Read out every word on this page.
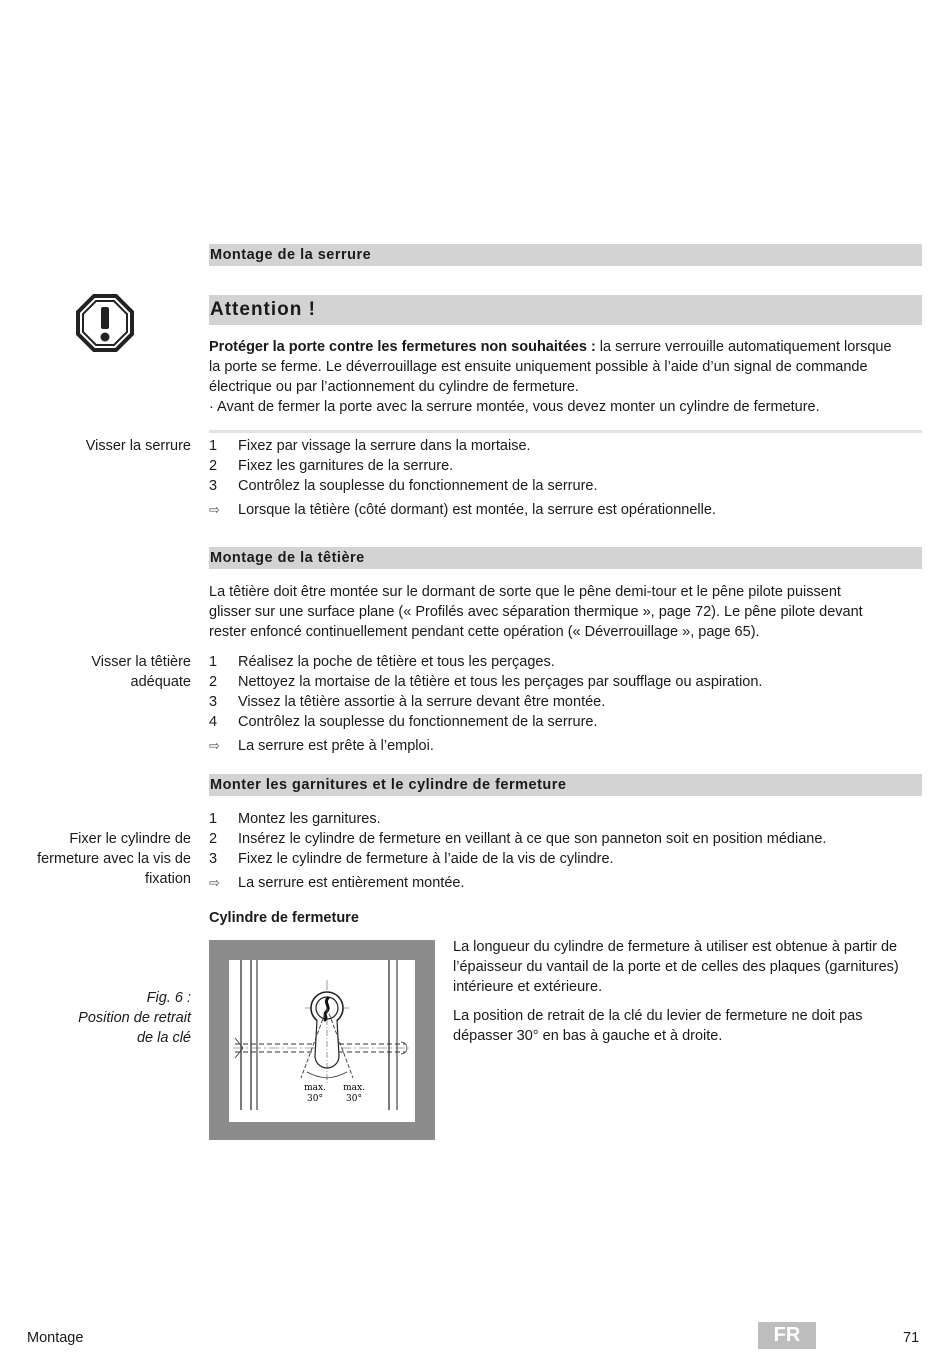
Montage de la serrure
Attention !
Protéger la porte contre les fermetures non souhaitées : la serrure verrouille automatiquement lorsque
la porte se ferme. Le déverrouillage est ensuite uniquement possible à l’aide d’un signal de commande
électrique ou par l’actionnement du cylindre de fermeture.
· Avant de fermer la porte avec la serrure montée, vous devez monter un cylindre de fermeture.
Visser la serrure 1	Fixez par vissage la serrure dans la mortaise.
2	Fixez les garnitures de la serrure.
3	Contrôlez la souplesse du fonctionnement de la serrure.
⇨	Lorsque la têtière (côté dormant) est montée, la serrure est opérationnelle.
Montage de la têtière
La têtière doit être montée sur le dormant de sorte que le pêne demi-tour et le pêne pilote puissent
glisser sur une surface plane (« Profilés avec séparation thermique », page 72). Le pêne pilote devant
rester enfoncé continuellement pendant cette opération (« Déverrouillage », page 65).
Visser la têtière
adéquate
1	Réalisez la poche de têtière et tous les perçages.
2	Nettoyez la mortaise de la têtière et tous les perçages par soufflage ou aspiration.
3	Vissez la têtière assortie à la serrure devant être montée.
4	Contrôlez la souplesse du fonctionnement de la serrure.
⇨	La serrure est prête à l’emploi.
Monter les garnitures et le cylindre de fermeture
Fixer le cylindre de
fermeture avec la vis de
fixation
1	Montez les garnitures.
2	Insérez le cylindre de fermeture en veillant à ce que son panneton soit en position médiane.
3	Fixez le cylindre de fermeture à l’aide de la vis de cylindre.
⇨	La serrure est entièrement montée.
Cylindre de fermeture
Fig. 6 :
Position de retrait
de la clé
max.
30°
max.
30°
La longueur du cylindre de fermeture à utiliser est obtenue à partir de
l’épaisseur du vantail de la porte et de celles des plaques (garnitures)
intérieure et extérieure.
La position de retrait de la clé du levier de fermeture ne doit pas
dépasser 30° en bas à gauche et à droite.
Montage	FR	71
